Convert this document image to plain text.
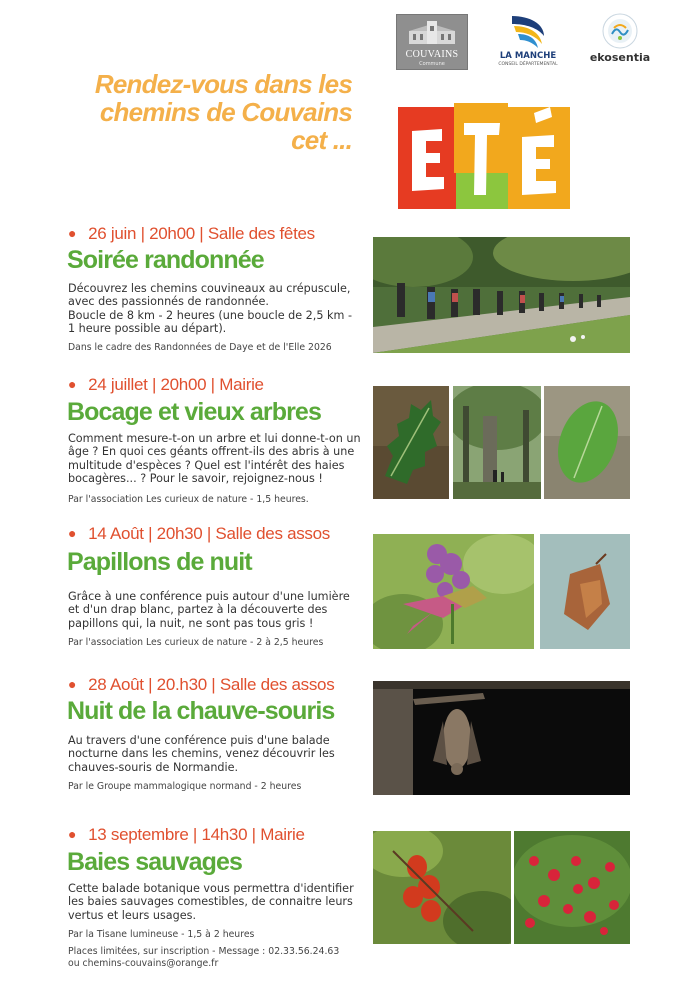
COUVAINS
Commune
LA MANCHE
CONSEIL DÉPARTEMENTAL
ekosentia
Rendez-vous dans les
chemins de Couvains
cet ...
● 26 juin | 20h00 | Salle des fêtes
Soirée randonnée
Découvrez les chemins couvineaux au crépuscule,
avec des passionnés de randonnée.
Boucle de 8 km - 2 heures (une boucle de 2,5 km -
1 heure possible au départ).
Dans le cadre des Randonnées de Daye et de l'Elle 2026
● 24 juillet | 20h00 | Mairie
Bocage et vieux arbres
Comment mesure-t-on un arbre et lui donne-t-on un
âge ? En quoi ces géants offrent-ils des abris à une
multitude d'espèces ? Quel est l'intérêt des haies
bocagères... ? Pour le savoir, rejoignez-nous !
Par l'association Les curieux de nature - 1,5 heures.
● 14 Août | 20h30 | Salle des assos
Papillons de nuit
Grâce à une conférence puis autour d'une lumière
et d'un drap blanc, partez à la découverte des
papillons qui, la nuit, ne sont pas tous gris !
Par l'association Les curieux de nature - 2 à 2,5 heures
● 28 Août | 20.h30 | Salle des assos
Nuit de la chauve-souris
Au travers d'une conférence puis d'une balade
nocturne dans les chemins, venez découvrir les
chauves-souris de Normandie.
Par le Groupe mammalogique normand - 2 heures
● 13 septembre | 14h30 | Mairie
Baies sauvages
Cette balade botanique vous permettra d'identifier
les baies sauvages comestibles, de connaitre leurs
vertus et leurs usages.
Par la Tisane lumineuse - 1,5 à 2 heures
Places limitées, sur inscription - Message : 02.33.56.24.63
ou chemins-couvains@orange.fr
